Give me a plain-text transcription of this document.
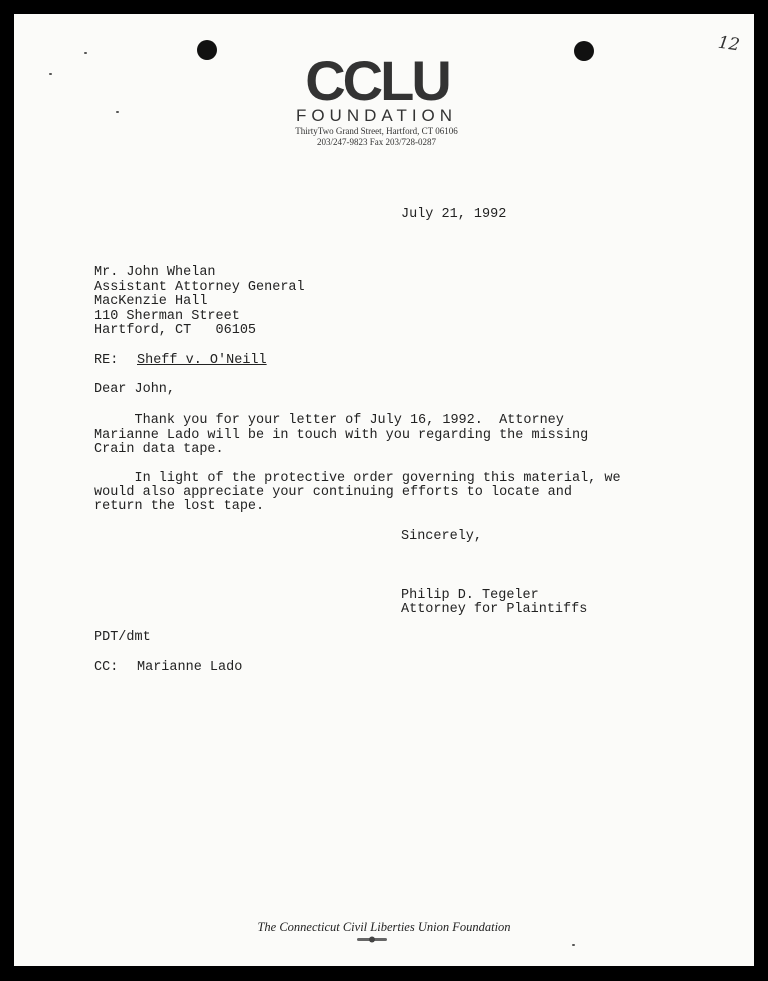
12
CCLU
FOUNDATION
ThirtyTwo Grand Street, Hartford, CT 06106
203/247-9823 Fax 203/728-0287
July 21, 1992
Mr. John Whelan
Assistant Attorney General
MacKenzie Hall
110 Sherman Street
Hartford, CT   06105
RE: Sheff v. O'Neill
Dear John,
Thank you for your letter of July 16, 1992.  Attorney
Marianne Lado will be in touch with you regarding the missing
Crain data tape.
In light of the protective order governing this material, we
would also appreciate your continuing efforts to locate and
return the lost tape.
Sincerely,
Philip D. Tegeler
Attorney for Plaintiffs
PDT/dmt
CC: Marianne Lado
The Connecticut Civil Liberties Union Foundation
